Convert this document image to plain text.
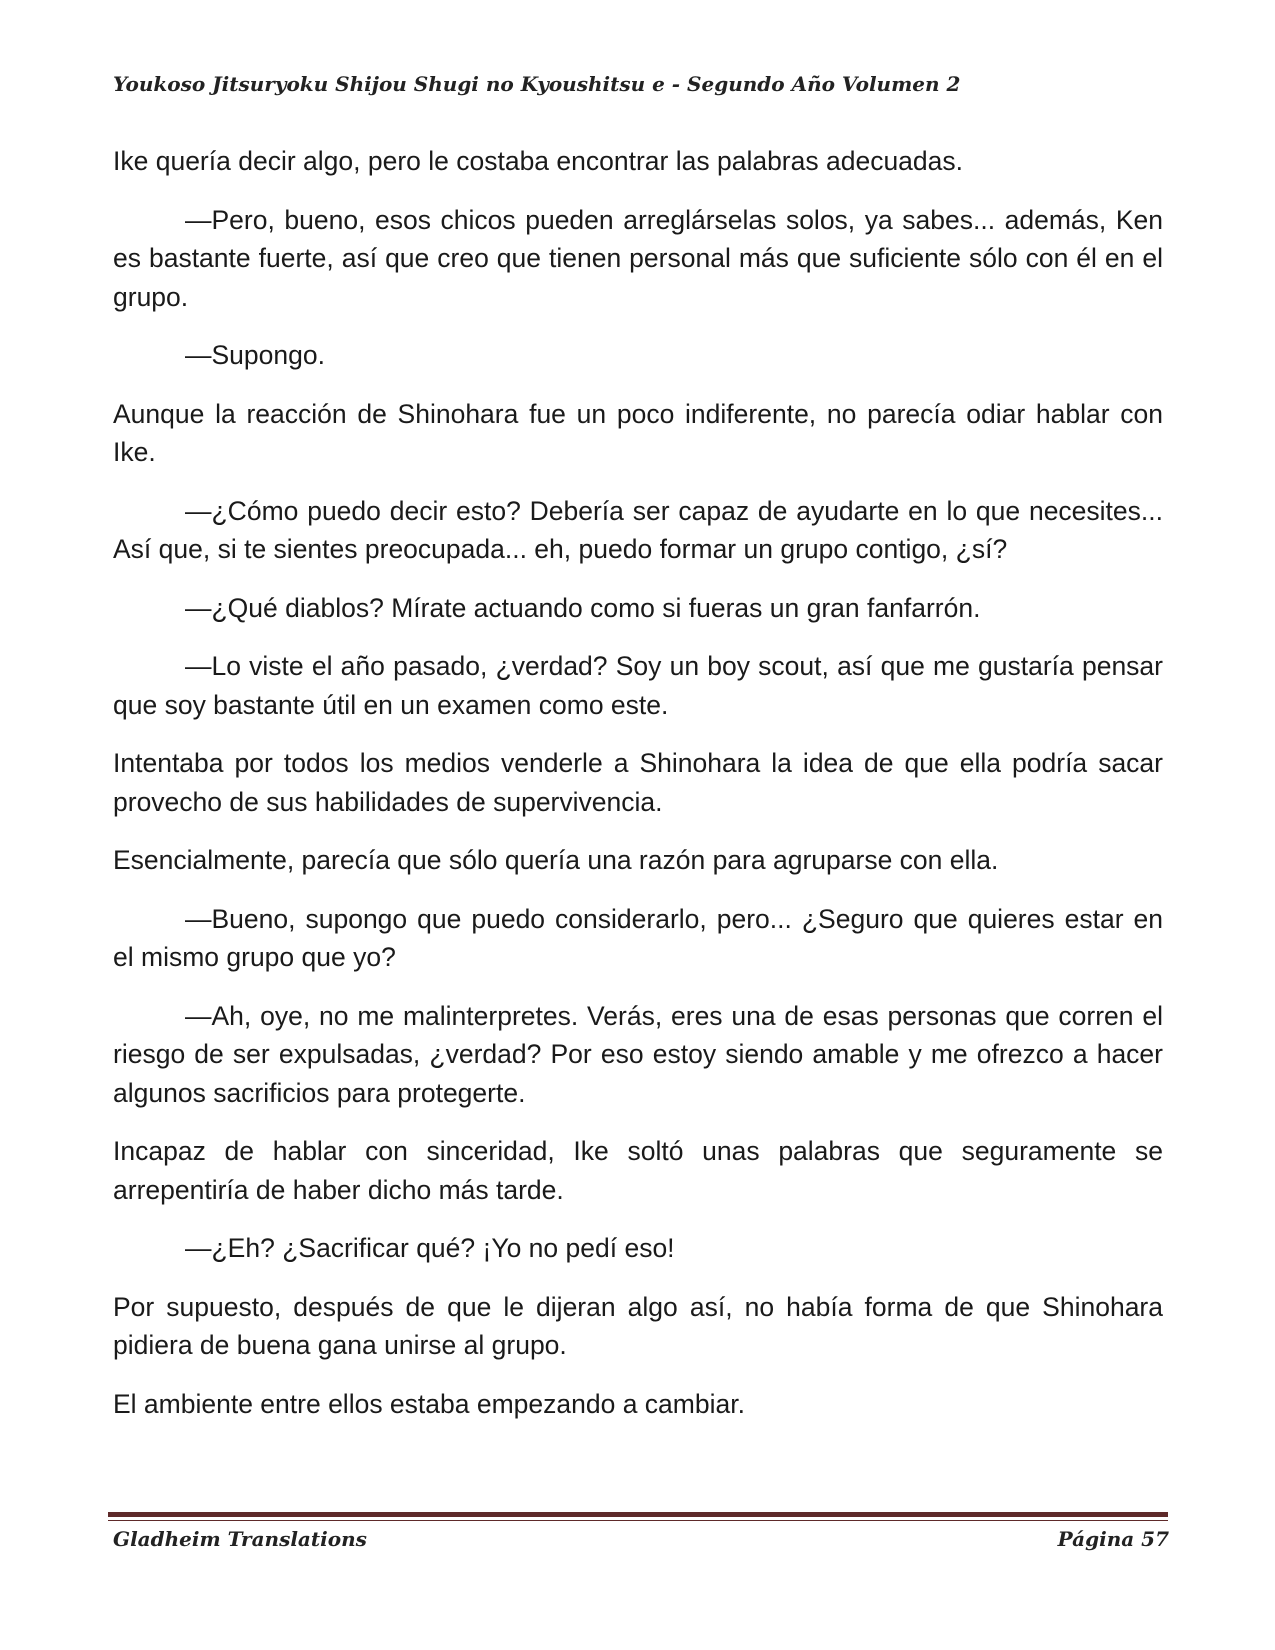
Youkoso Jitsuryoku Shijou Shugi no Kyoushitsu e - Segundo Año Volumen 2

Ike quería decir algo, pero le costaba encontrar las palabras adecuadas.

—Pero, bueno, esos chicos pueden arreglárselas solos, ya sabes... además, Ken es bastante fuerte, así que creo que tienen personal más que suficiente sólo con él en el grupo.

—Supongo.

Aunque la reacción de Shinohara fue un poco indiferente, no parecía odiar hablar con Ike.

—¿Cómo puedo decir esto? Debería ser capaz de ayudarte en lo que necesites... Así que, si te sientes preocupada... eh, puedo formar un grupo contigo, ¿sí?

—¿Qué diablos? Mírate actuando como si fueras un gran fanfarrón.

—Lo viste el año pasado, ¿verdad? Soy un boy scout, así que me gustaría pensar que soy bastante útil en un examen como este.

Intentaba por todos los medios venderle a Shinohara la idea de que ella podría sacar provecho de sus habilidades de supervivencia.

Esencialmente, parecía que sólo quería una razón para agruparse con ella.

—Bueno, supongo que puedo considerarlo, pero... ¿Seguro que quieres estar en el mismo grupo que yo?

—Ah, oye, no me malinterpretes. Verás, eres una de esas personas que corren el riesgo de ser expulsadas, ¿verdad? Por eso estoy siendo amable y me ofrezco a hacer algunos sacrificios para protegerte.

Incapaz de hablar con sinceridad, Ike soltó unas palabras que seguramente se arrepentiría de haber dicho más tarde.

—¿Eh? ¿Sacrificar qué? ¡Yo no pedí eso!

Por supuesto, después de que le dijeran algo así, no había forma de que Shinohara pidiera de buena gana unirse al grupo.

El ambiente entre ellos estaba empezando a cambiar.

Gladheim Translations	Página 57
